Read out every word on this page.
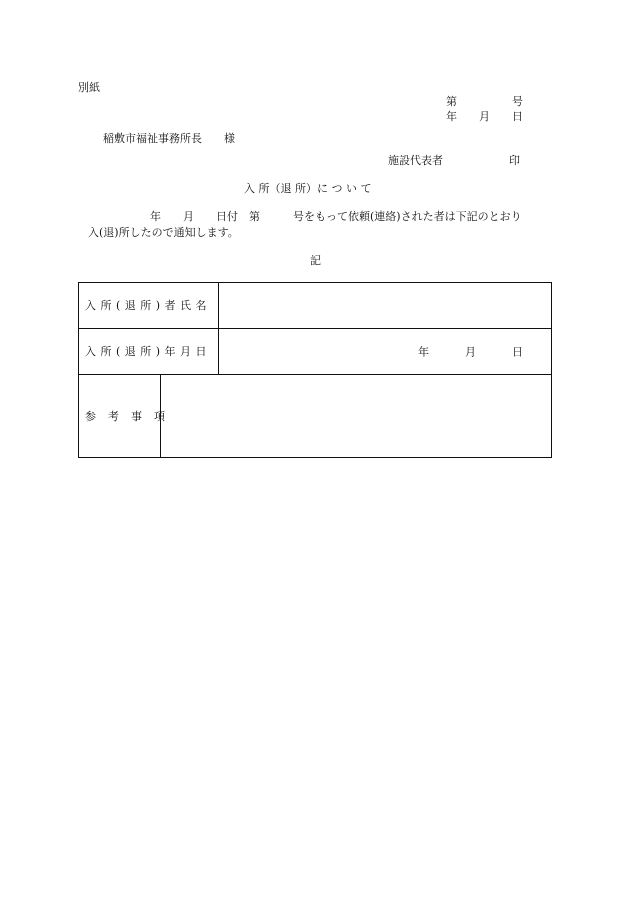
別紙
第　　　　　号
年　　月　　日
稲敷市福祉事務所長　　様
施設代表者　　　　　　印
入 所（退 所）に つ い て
年　　月　　日付　第　　　号をもって依頼(連絡)された者は下記のとおり
入(退)所したので通知します。
記
入 所 ( 退 所 ) 者 氏 名		
入 所 ( 退 所 ) 年 月 日		年 月 日

参　考　事　項		
